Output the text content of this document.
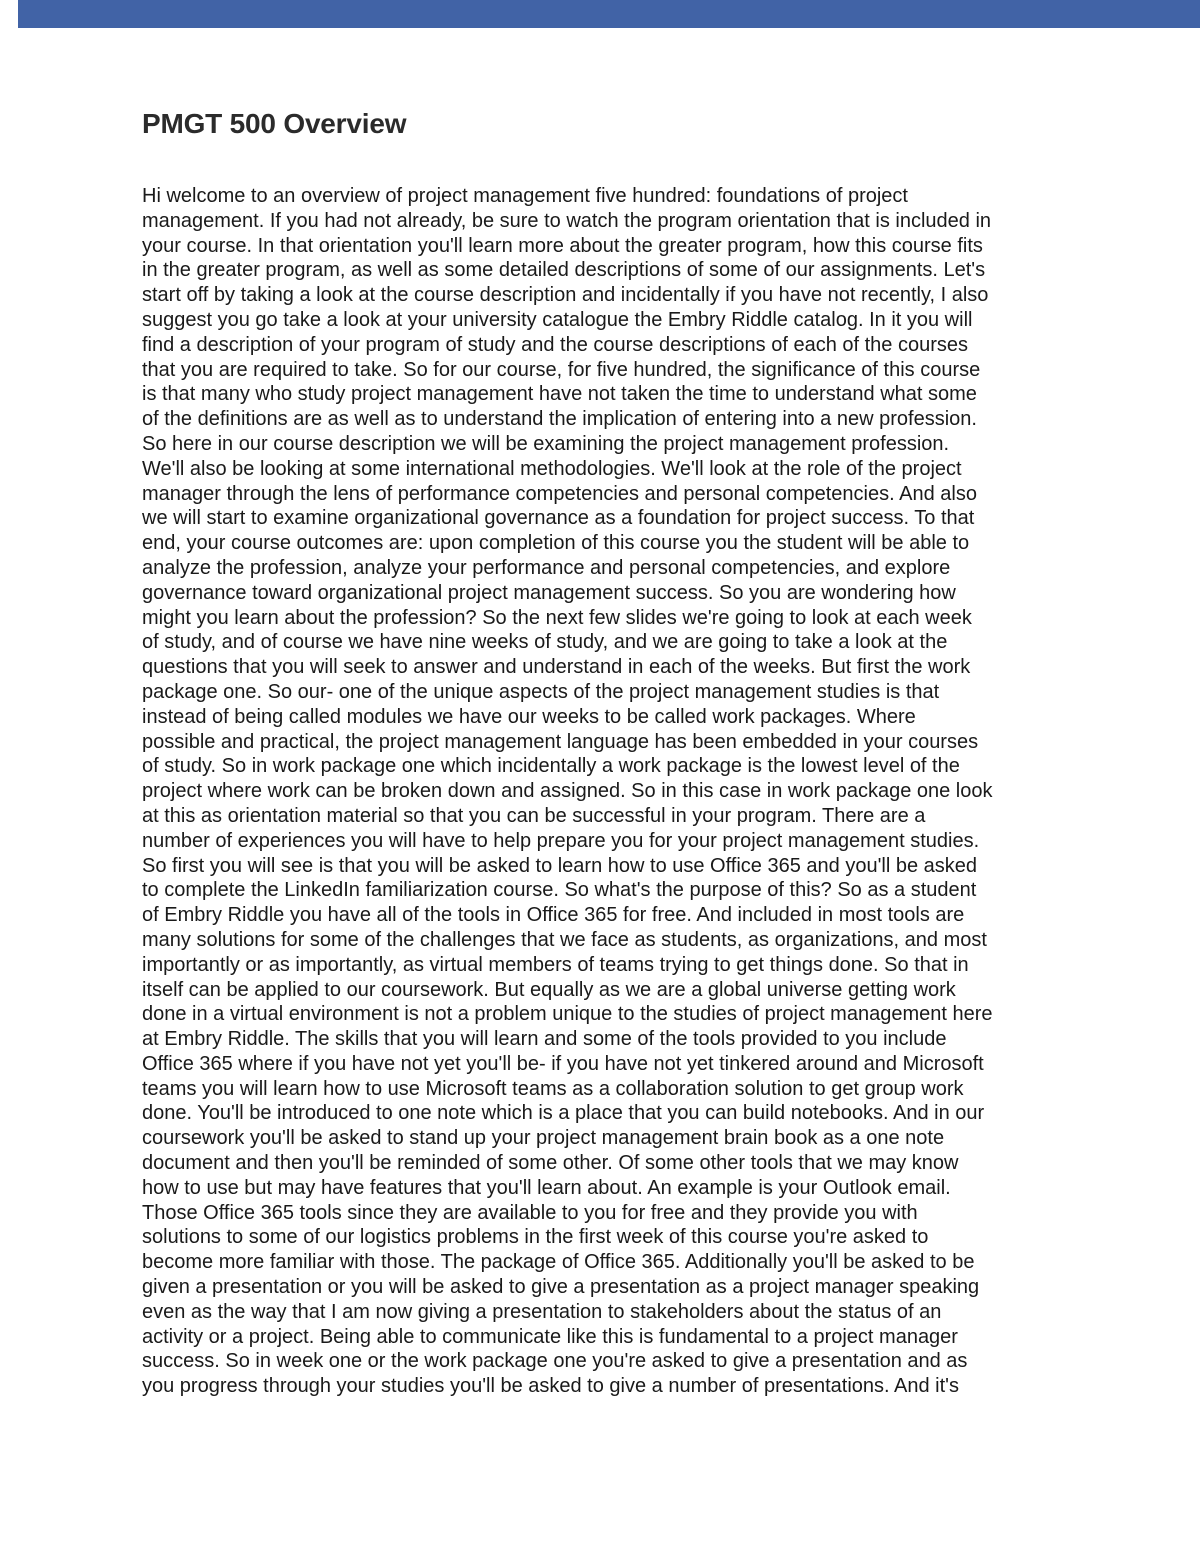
PMGT 500 Overview

Hi welcome to an overview of project management five hundred: foundations of project
management. If you had not already, be sure to watch the program orientation that is included in
your course. In that orientation you'll learn more about the greater program, how this course fits
in the greater program, as well as some detailed descriptions of some of our assignments. Let's
start off by taking a look at the course description and incidentally if you have not recently, I also
suggest you go take a look at your university catalogue the Embry Riddle catalog. In it you will
find a description of your program of study and the course descriptions of each of the courses
that you are required to take. So for our course, for five hundred, the significance of this course
is that many who study project management have not taken the time to understand what some
of the definitions are as well as to understand the implication of entering into a new profession.
So here in our course description we will be examining the project management profession.
We'll also be looking at some international methodologies. We'll look at the role of the project
manager through the lens of performance competencies and personal competencies. And also
we will start to examine organizational governance as a foundation for project success. To that
end, your course outcomes are: upon completion of this course you the student will be able to
analyze the profession, analyze your performance and personal competencies, and explore
governance toward organizational project management success. So you are wondering how
might you learn about the profession? So the next few slides we're going to look at each week
of study, and of course we have nine weeks of study, and we are going to take a look at the
questions that you will seek to answer and understand in each of the weeks. But first the work
package one. So our- one of the unique aspects of the project management studies is that
instead of being called modules we have our weeks to be called work packages. Where
possible and practical, the project management language has been embedded in your courses
of study. So in work package one which incidentally a work package is the lowest level of the
project where work can be broken down and assigned. So in this case in work package one look
at this as orientation material so that you can be successful in your program. There are a
number of experiences you will have to help prepare you for your project management studies.
So first you will see is that you will be asked to learn how to use Office 365 and you'll be asked
to complete the LinkedIn familiarization course. So what's the purpose of this? So as a student
of Embry Riddle you have all of the tools in Office 365 for free. And included in most tools are
many solutions for some of the challenges that we face as students, as organizations, and most
importantly or as importantly, as virtual members of teams trying to get things done. So that in
itself can be applied to our coursework. But equally as we are a global universe getting work
done in a virtual environment is not a problem unique to the studies of project management here
at Embry Riddle. The skills that you will learn and some of the tools provided to you include
Office 365 where if you have not yet you'll be- if you have not yet tinkered around and Microsoft
teams you will learn how to use Microsoft teams as a collaboration solution to get group work
done. You'll be introduced to one note which is a place that you can build notebooks. And in our
coursework you'll be asked to stand up your project management brain book as a one note
document and then you'll be reminded of some other. Of some other tools that we may know
how to use but may have features that you'll learn about. An example is your Outlook email.
Those Office 365 tools since they are available to you for free and they provide you with
solutions to some of our logistics problems in the first week of this course you're asked to
become more familiar with those. The package of Office 365. Additionally you'll be asked to be
given a presentation or you will be asked to give a presentation as a project manager speaking
even as the way that I am now giving a presentation to stakeholders about the status of an
activity or a project. Being able to communicate like this is fundamental to a project manager
success. So in week one or the work package one you're asked to give a presentation and as
you progress through your studies you'll be asked to give a number of presentations. And it's
